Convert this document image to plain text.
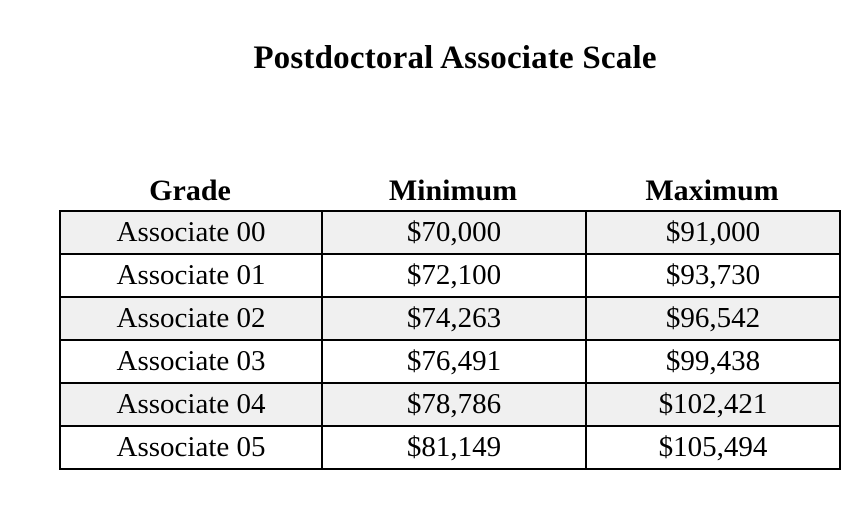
Postdoctoral Associate Scale
Grade	Minimum	Maximum
Associate 00	$70,000	$91,000
Associate 01	$72,100	$93,730
Associate 02	$74,263	$96,542
Associate 03	$76,491	$99,438
Associate 04	$78,786	$102,421
Associate 05	$81,149	$105,494
